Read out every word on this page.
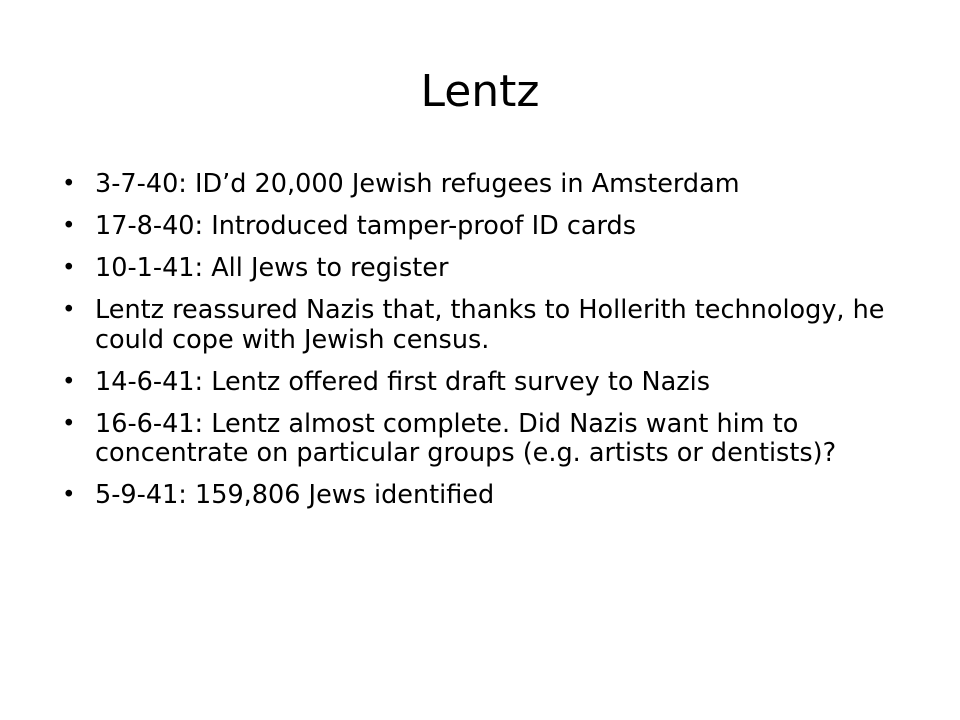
Lentz
• 3-7-40: ID’d 20,000 Jewish refugees in Amsterdam
• 17-8-40: Introduced tamper-proof ID cards
• 10-1-41: All Jews to register
• Lentz reassured Nazis that, thanks to Hollerith technology, he could cope with Jewish census.
• 14-6-41: Lentz offered first draft survey to Nazis
• 16-6-41: Lentz almost complete. Did Nazis want him to concentrate on particular groups (e.g. artists or dentists)?
• 5-9-41: 159,806 Jews identified
